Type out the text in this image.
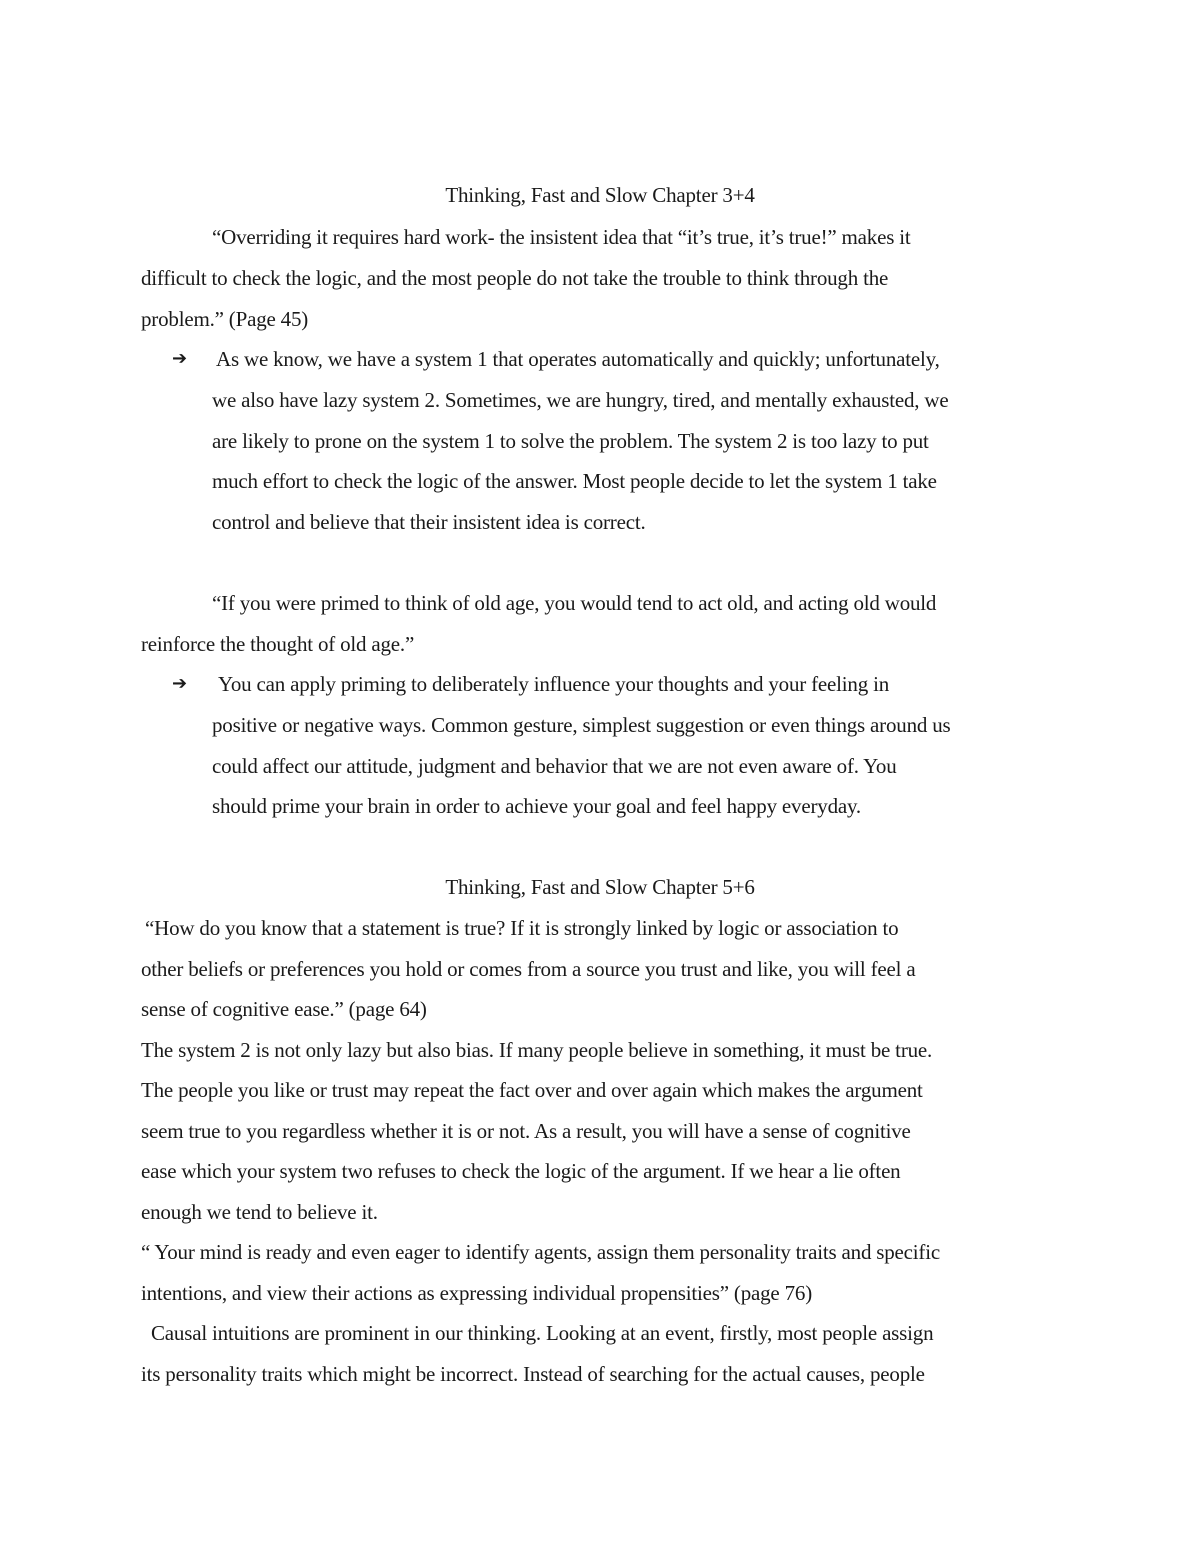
Thinking, Fast and Slow Chapter 3+4
“Overriding it requires hard work- the insistent idea that “it’s true, it’s true!” makes it
difficult to check the logic, and the most people do not take the trouble to think through the
problem.” (Page 45)
➔ As we know, we have a system 1 that operates automatically and quickly; unfortunately,
we also have lazy system 2. Sometimes, we are hungry, tired, and mentally exhausted, we
are likely to prone on the system 1 to solve the problem. The system 2 is too lazy to put
much effort to check the logic of the answer. Most people decide to let the system 1 take
control and believe that their insistent idea is correct.
“If you were primed to think of old age, you would tend to act old, and acting old would
reinforce the thought of old age.”
➔ You can apply priming to deliberately influence your thoughts and your feeling in
positive or negative ways. Common gesture, simplest suggestion or even things around us
could affect our attitude, judgment and behavior that we are not even aware of. You
should prime your brain in order to achieve your goal and feel happy everyday.
Thinking, Fast and Slow Chapter 5+6
“How do you know that a statement is true? If it is strongly linked by logic or association to
other beliefs or preferences you hold or comes from a source you trust and like, you will feel a
sense of cognitive ease.” (page 64)
The system 2 is not only lazy but also bias. If many people believe in something, it must be true.
The people you like or trust may repeat the fact over and over again which makes the argument
seem true to you regardless whether it is or not. As a result, you will have a sense of cognitive
ease which your system two refuses to check the logic of the argument. If we hear a lie often
enough we tend to believe it.
“ Your mind is ready and even eager to identify agents, assign them personality traits and specific
intentions, and view their actions as expressing individual propensities” (page 76)
Causal intuitions are prominent in our thinking. Looking at an event, firstly, most people assign
its personality traits which might be incorrect. Instead of searching for the actual causes, people
